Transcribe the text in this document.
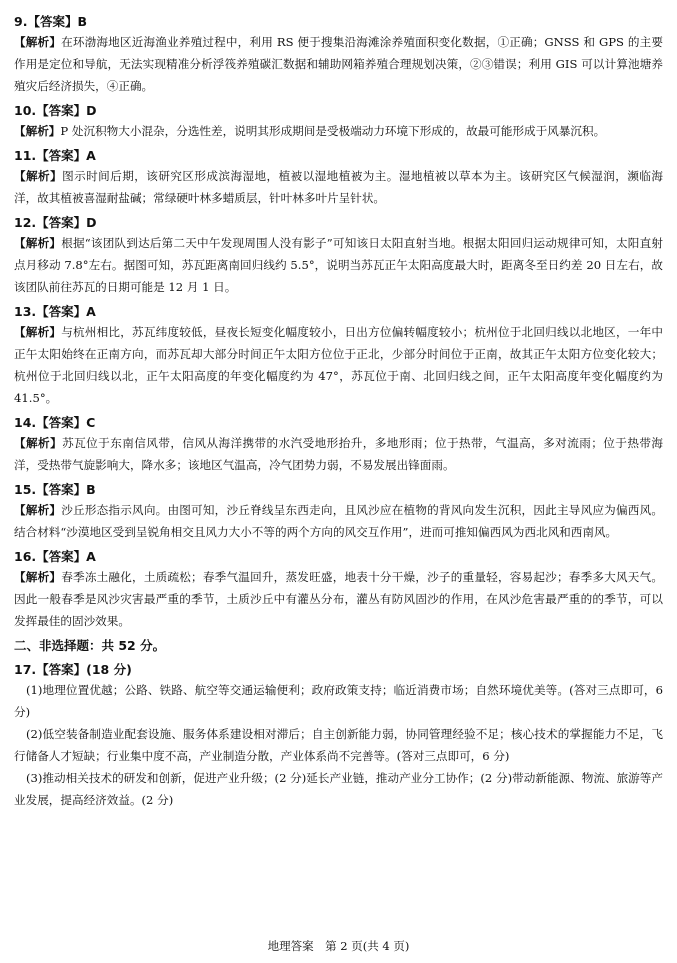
9.【答案】B
【解析】在环渤海地区近海渔业养殖过程中，利用 RS 便于搜集沿海滩涂养殖面积变化数据，①正确；GNSS 和 GPS 的主要作用是定位和导航，无法实现精准分析浮筏养殖碳汇数据和辅助网箱养殖合理规划决策，②③错误；利用 GIS 可以计算池塘养殖灾后经济损失，④正确。
10.【答案】D
【解析】P 处沉积物大小混杂，分选性差，说明其形成期间是受极端动力环境下形成的，故最可能形成于风暴沉积。
11.【答案】A
【解析】图示时间后期，该研究区形成滨海湿地，植被以湿地植被为主。湿地植被以草本为主。该研究区气候湿润，濒临海洋，故其植被喜湿耐盐碱；常绿硬叶林多蜡质层，针叶林多叶片呈针状。
12.【答案】D
【解析】根据“该团队到达后第二天中午发现周围人没有影子”可知该日太阳直射当地。根据太阳回归运动规律可知，太阳直射点月移动 7.8°左右。据图可知，苏瓦距离南回归线约 5.5°，说明当苏瓦正午太阳高度最大时，距离冬至日约差 20 日左右，故该团队前往苏瓦的日期可能是 12 月 1 日。
13.【答案】A
【解析】与杭州相比，苏瓦纬度较低，昼夜长短变化幅度较小，日出方位偏转幅度较小；杭州位于北回归线以北地区，一年中正午太阳始终在正南方向，而苏瓦却大部分时间正午太阳方位位于正北，少部分时间位于正南，故其正午太阳方位变化较大；杭州位于北回归线以北，正午太阳高度的年变化幅度约为 47°，苏瓦位于南、北回归线之间，正午太阳高度年变化幅度约为 41.5°。
14.【答案】C
【解析】苏瓦位于东南信风带，信风从海洋携带的水汽受地形抬升，多地形雨；位于热带，气温高，多对流雨；位于热带海洋，受热带气旋影响大，降水多；该地区气温高，冷气团势力弱，不易发展出锋面雨。
15.【答案】B
【解析】沙丘形态指示风向。由图可知，沙丘脊线呈东西走向，且风沙应在植物的背风向发生沉积，因此主导风应为偏西风。结合材料“沙漠地区受到呈锐角相交且风力大小不等的两个方向的风交互作用”，进而可推知偏西风为西北风和西南风。
16.【答案】A
【解析】春季冻土融化，土质疏松；春季气温回升，蒸发旺盛，地表十分干燥，沙子的重量轻，容易起沙；春季多大风天气。因此一般春季是风沙灾害最严重的季节，土质沙丘中有灌丛分布，灌丛有防风固沙的作用，在风沙危害最严重的的季节，可以发挥最佳的固沙效果。
二、非选择题：共 52 分。
17.【答案】(18 分)
(1)地理位置优越；公路、铁路、航空等交通运输便利；政府政策支持；临近消费市场；自然环境优美等。(答对三点即可，6 分)
(2)低空装备制造业配套设施、服务体系建设相对滞后；自主创新能力弱，协同管理经验不足；核心技术的掌握能力不足，飞行储备人才短缺；行业集中度不高，产业制造分散，产业体系尚不完善等。(答对三点即可，6 分)
(3)推动相关技术的研发和创新，促进产业升级；(2 分)延长产业链，推动产业分工协作；(2 分)带动新能源、物流、旅游等产业发展，提高经济效益。(2 分)
地理答案　第 2 页(共 4 页)
